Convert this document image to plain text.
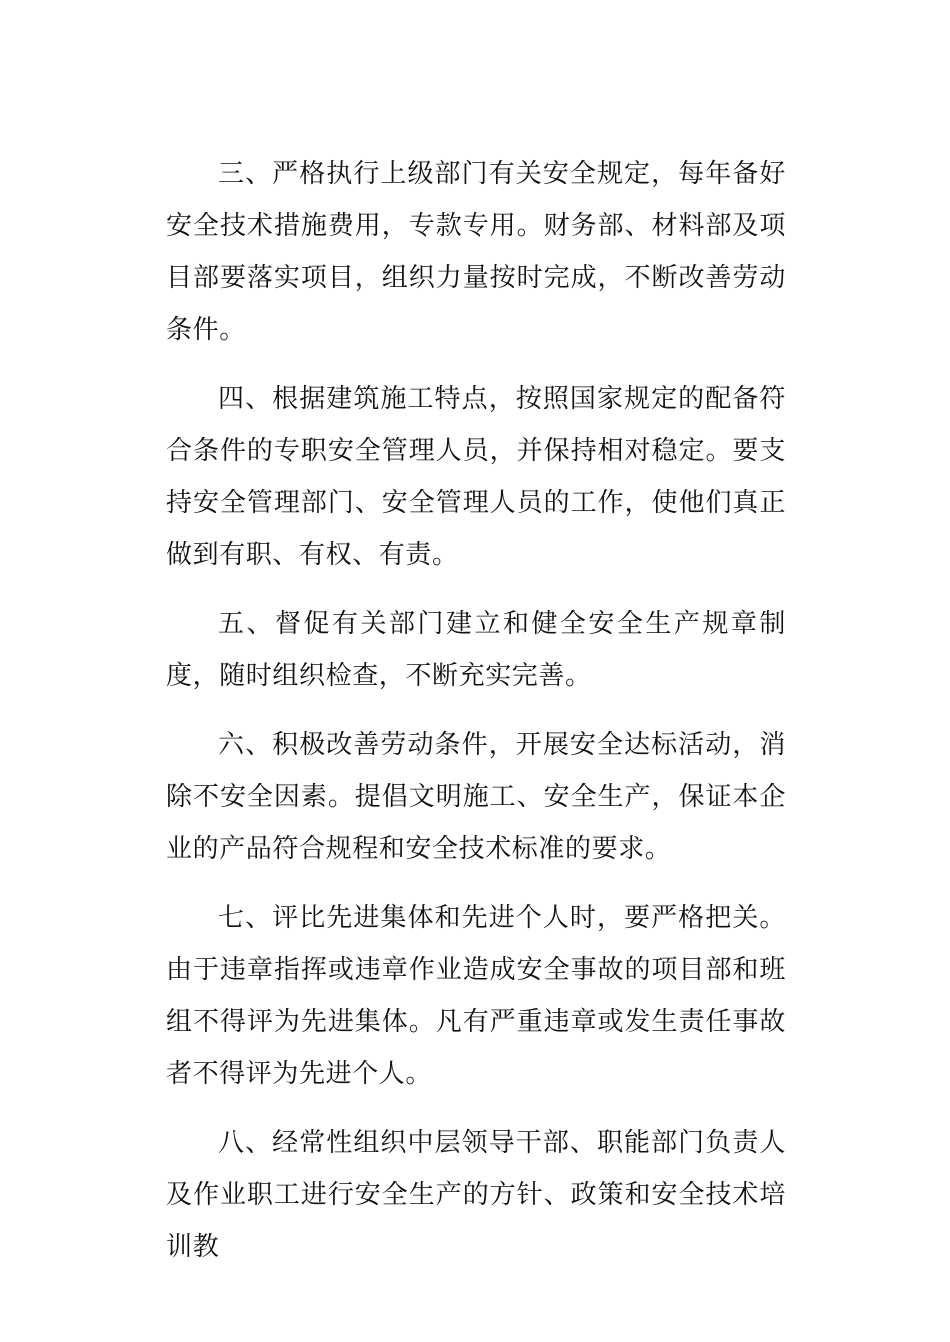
三、严格执行上级部门有关安全规定，每年备好安全技术措施费用，专款专用。财务部、材料部及项目部要落实项目，组织力量按时完成，不断改善劳动条件。

四、根据建筑施工特点，按照国家规定的配备符合条件的专职安全管理人员，并保持相对稳定。要支持安全管理部门、安全管理人员的工作，使他们真正做到有职、有权、有责。

五、督促有关部门建立和健全安全生产规章制度，随时组织检查，不断充实完善。

六、积极改善劳动条件，开展安全达标活动，消除不安全因素。提倡文明施工、安全生产，保证本企业的产品符合规程和安全技术标准的要求。

七、评比先进集体和先进个人时，要严格把关。由于违章指挥或违章作业造成安全事故的项目部和班组不得评为先进集体。凡有严重违章或发生责任事故者不得评为先进个人。

八、经常性组织中层领导干部、职能部门负责人及作业职工进行安全生产的方针、政策和安全技术培训教
